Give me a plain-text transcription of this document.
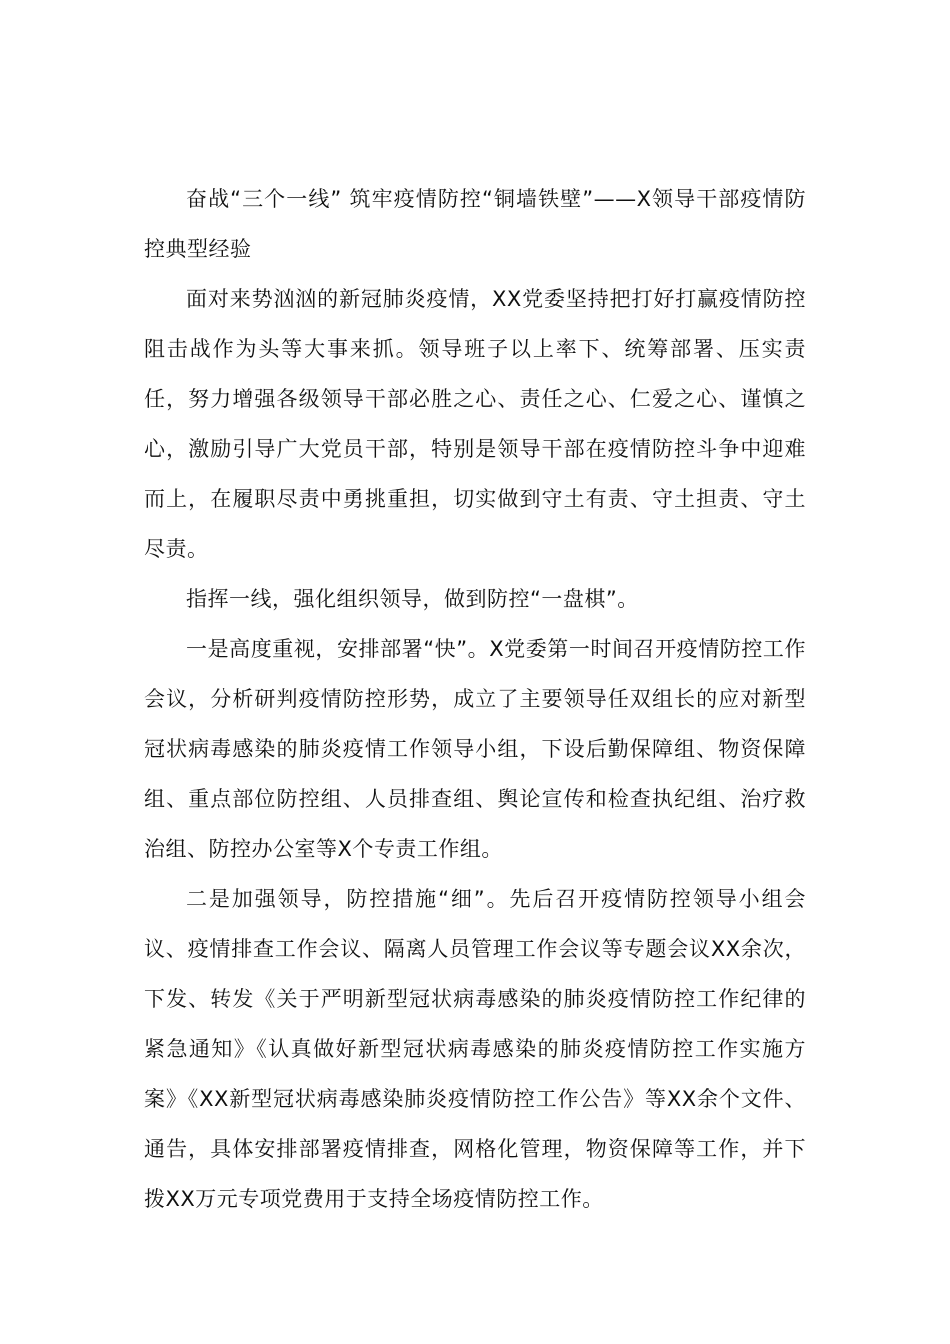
奋战“三个一线” 筑牢疫情防控“铜墙铁壁”——X领导干部疫情防控典型经验

面对来势汹汹的新冠肺炎疫情，XX党委坚持把打好打赢疫情防控阻击战作为头等大事来抓。领导班子以上率下、统筹部署、压实责任，努力增强各级领导干部必胜之心、责任之心、仁爱之心、谨慎之心，激励引导广大党员干部，特别是领导干部在疫情防控斗争中迎难而上，在履职尽责中勇挑重担，切实做到守土有责、守土担责、守土尽责。

指挥一线，强化组织领导，做到防控“一盘棋”。

一是高度重视，安排部署“快”。X党委第一时间召开疫情防控工作会议，分析研判疫情防控形势，成立了主要领导任双组长的应对新型冠状病毒感染的肺炎疫情工作领导小组，下设后勤保障组、物资保障组、重点部位防控组、人员排查组、舆论宣传和检查执纪组、治疗救治组、防控办公室等X个专责工作组。

二是加强领导，防控措施“细”。先后召开疫情防控领导小组会议、疫情排查工作会议、隔离人员管理工作会议等专题会议XX余次，下发、转发《关于严明新型冠状病毒感染的肺炎疫情防控工作纪律的紧急通知》《认真做好新型冠状病毒感染的肺炎疫情防控工作实施方案》《XX新型冠状病毒感染肺炎疫情防控工作公告》等XX余个文件、通告，具体安排部署疫情排查，网格化管理，物资保障等工作，并下拨XX万元专项党费用于支持全场疫情防控工作。
